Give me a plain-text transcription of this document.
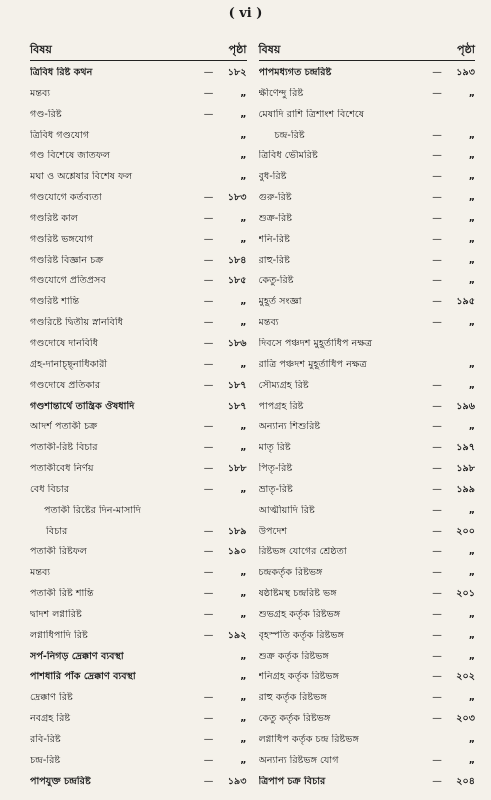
( vi )
বিষয়	পৃষ্ঠা
ত্রিবিধ রিষ্ট কথন	—	১৮২
মন্তব্য	—	„
গণ্ড-রিষ্ট	—	„
ত্রিবিধ গণ্ডযোগ	„
গণ্ড বিশেষে জাতফল	„
মঘা ও অশ্লেষার বিশেষ ফল	„
গণ্ডযোগে কর্তব্যতা	—	১৮৩
গণ্ডরিষ্ট কাল	—	„
গণ্ডরিষ্ট ভঙ্গযোগ	—	„
গণ্ডরিষ্ট বিজ্ঞান চক্র	—	১৮৪
গণ্ডযোগে প্রতিপ্রসব	—	১৮৫
গণ্ডরিষ্ট শান্তি	—	„
গণ্ডরিষ্টে দ্বিতীয় স্নানবিধি	—	„
গণ্ডদোষে দানবিধি	—	১৮৬
গ্রহ-দানাচ্ছ্নাধিকারী	—	„
গণ্ডদোষে প্রতিকার	—	১৮৭
গণ্ডশান্তার্থে তান্ত্রিক ঔষধাদি	১৮৭
আদর্শ পতাকী চক্র	—	„
পতাকী-রিষ্ট বিচার	—	„
পতাকীবেধ নির্ণয়	—	১৮৮
বেধ বিচার	—	„
পতাকী রিষ্টের দিন-মাসাদি
বিচার	—	১৮৯
পতাকী রিষ্টফল	—	১৯০
মন্তব্য	—	„
পতাকী রিষ্ট শান্তি	—	„
দ্বাদশ লগ্নারিষ্ট	—	„
লগ্নাধিপাদি রিষ্ট	—	১৯২
সর্প-নিগড় দ্রেক্কাণ ব্যবস্থা	„
পাশধারি পাঁক দ্রেক্কাণ ব্যবস্থা	„
দ্রেক্কাণ রিষ্ট	—	„
নবগ্রহ রিষ্ট	—	„
রবি-রিষ্ট	—	„
চন্দ্র-রিষ্ট	—	„
পাপযুক্ত চন্দ্ররিষ্ট	—	১৯৩
বিষয়	পৃষ্ঠা
পাপমধ্যগত চন্দ্ররিষ্ট	—	১৯৩
ক্ষীণেন্দু রিষ্ট	—	„
মেষাদি রাশি ত্রিশাংশ বিশেষে
চন্দ্র-রিষ্ট	—	„
ত্রিবিধ ভৌমরিষ্ট	—	„
বুধ-রিষ্ট	—	„
গুরু-রিষ্ট	—	„
শুক্র-রিষ্ট	—	„
শনি-রিষ্ট	—	„
রাহু-রিষ্ট	—	„
কেতু-রিষ্ট	—	„
মুহূর্ত সংজ্ঞা	—	১৯৫
মন্তব্য	—	„
দিবসে পঞ্চদশ মুহূর্তাধিপ নক্ষত্র
রাত্রি পঞ্চদশ মুহূর্তাধিপ নক্ষত্র	„
সৌম্যগ্রহ রিষ্ট	—	„
পাপগ্রহ রিষ্ট	—	১৯৬
অন্যান্য শিশুরিষ্ট	—	„
মাতৃ রিষ্ট	—	১৯৭
পিতৃ-রিষ্ট	—	১৯৮
ভ্রাতৃ-রিষ্ট	—	১৯৯
আত্মীয়াদি রিষ্ট	—	„
উপদেশ	—	২০০
রিষ্টভঙ্গ যোগের শ্রেষ্ঠতা	—	„
চন্দ্রকর্তৃক রিষ্টভঙ্গ	—	„
ষষ্ঠাষ্টমস্থ চন্দ্ররিষ্ট ভঙ্গ	—	২০১
শুভগ্রহ কর্তৃক রিষ্টভঙ্গ	—	„
বৃহস্পতি কর্তৃক রিষ্টভঙ্গ	—	„
শুক্র কর্তৃক রিষ্টভঙ্গ	—	„
শনিগ্রহ কর্তৃক রিষ্টভঙ্গ	—	২০২
রাহু কর্তৃক রিষ্টভঙ্গ	—	„
কেতু কর্তৃক রিষ্টভঙ্গ	—	২০৩
লগ্নাধিপ কর্তৃক চন্দ্র রিষ্টভঙ্গ	„
অন্যান্য রিষ্টভঙ্গ যোগ	—	„
ত্রিপাপ চক্র বিচার	—	২০৪
